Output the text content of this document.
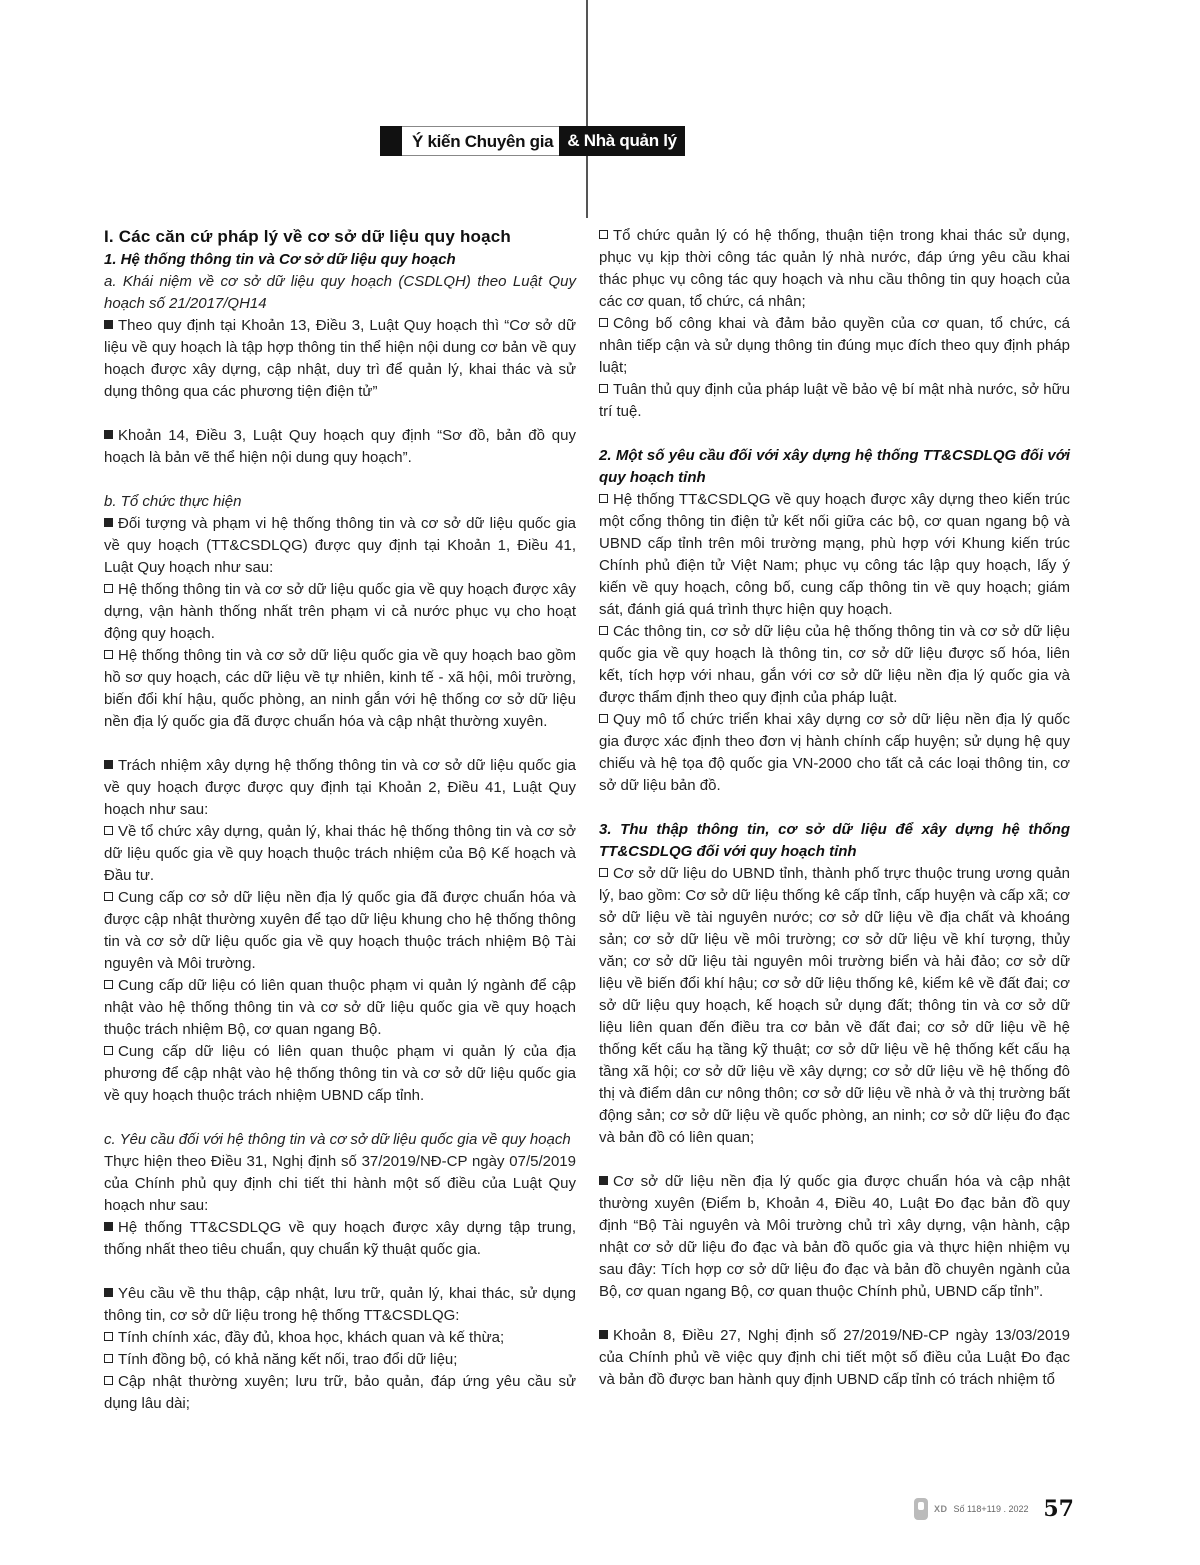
Ý kiến Chuyên gia & Nhà quản lý

I. Các căn cứ pháp lý về cơ sở dữ liệu quy hoạch

1. Hệ thống thông tin và Cơ sở dữ liệu quy hoạch

a. Khái niệm về cơ sở dữ liệu quy hoạch (CSDLQH) theo Luật Quy hoạch số 21/2017/QH14

Theo quy định tại Khoản 13, Điều 3, Luật Quy hoạch thì “Cơ sở dữ liệu về quy hoạch là tập hợp thông tin thể hiện nội dung cơ bản về quy hoạch được xây dựng, cập nhật, duy trì để quản lý, khai thác và sử dụng thông qua các phương tiện điện tử”

Khoản 14, Điều 3, Luật Quy hoạch quy định “Sơ đồ, bản đồ quy hoạch là bản vẽ thể hiện nội dung quy hoạch”.

b. Tổ chức thực hiện

Đối tượng và phạm vi hệ thống thông tin và cơ sở dữ liệu quốc gia về quy hoạch (TT&CSDLQG) được quy định tại Khoản 1, Điều 41, Luật Quy hoạch như sau:

Hệ thống thông tin và cơ sở dữ liệu quốc gia về quy hoạch được xây dựng, vận hành thống nhất trên phạm vi cả nước phục vụ cho hoạt động quy hoạch.

Hệ thống thông tin và cơ sở dữ liệu quốc gia về quy hoạch bao gồm hồ sơ quy hoạch, các dữ liệu về tự nhiên, kinh tế - xã hội, môi trường, biến đổi khí hậu, quốc phòng, an ninh gắn với hệ thống cơ sở dữ liệu nền địa lý quốc gia đã được chuẩn hóa và cập nhật thường xuyên.

Trách nhiệm xây dựng hệ thống thông tin và cơ sở dữ liệu quốc gia về quy hoạch được được quy định tại Khoản 2, Điều 41, Luật Quy hoạch như sau:

Về tổ chức xây dựng, quản lý, khai thác hệ thống thông tin và cơ sở dữ liệu quốc gia về quy hoạch thuộc trách nhiệm của Bộ Kế hoạch và Đầu tư.

Cung cấp cơ sở dữ liệu nền địa lý quốc gia đã được chuẩn hóa và được cập nhật thường xuyên để tạo dữ liệu khung cho hệ thống thông tin và cơ sở dữ liệu quốc gia về quy hoạch thuộc trách nhiệm Bộ Tài nguyên và Môi trường.

Cung cấp dữ liệu có liên quan thuộc phạm vi quản lý ngành để cập nhật vào hệ thống thông tin và cơ sở dữ liệu quốc gia về quy hoạch thuộc trách nhiệm Bộ, cơ quan ngang Bộ.

Cung cấp dữ liệu có liên quan thuộc phạm vi quản lý của địa phương để cập nhật vào hệ thống thông tin và cơ sở dữ liệu quốc gia về quy hoạch thuộc trách nhiệm UBND cấp tỉnh.

c. Yêu cầu đối với hệ thông tin và cơ sở dữ liệu quốc gia về quy hoạch

Thực hiện theo Điều 31, Nghị định số 37/2019/NĐ-CP ngày 07/5/2019 của Chính phủ quy định chi tiết thi hành một số điều của Luật Quy hoạch như sau:

Hệ thống TT&CSDLQG về quy hoạch được xây dựng tập trung, thống nhất theo tiêu chuẩn, quy chuẩn kỹ thuật quốc gia.

Yêu cầu về thu thập, cập nhật, lưu trữ, quản lý, khai thác, sử dụng thông tin, cơ sở dữ liệu trong hệ thống TT&CSDLQG:

Tính chính xác, đầy đủ, khoa học, khách quan và kế thừa;

Tính đồng bộ, có khả năng kết nối, trao đổi dữ liệu;

Cập nhật thường xuyên; lưu trữ, bảo quản, đáp ứng yêu cầu sử dụng lâu dài;

Tổ chức quản lý có hệ thống, thuận tiện trong khai thác sử dụng, phục vụ kịp thời công tác quản lý nhà nước, đáp ứng yêu cầu khai thác phục vụ công tác quy hoạch và nhu cầu thông tin quy hoạch của các cơ quan, tổ chức, cá nhân;

Công bố công khai và đảm bảo quyền của cơ quan, tổ chức, cá nhân tiếp cận và sử dụng thông tin đúng mục đích theo quy định pháp luật;

Tuân thủ quy định của pháp luật về bảo vệ bí mật nhà nước, sở hữu trí tuệ.

2. Một số yêu cầu đối với xây dựng hệ thống TT&CSDLQG đối với quy hoạch tỉnh

Hệ thống TT&CSDLQG về quy hoạch được xây dựng theo kiến trúc một cổng thông tin điện tử kết nối giữa các bộ, cơ quan ngang bộ và UBND cấp tỉnh trên môi trường mạng, phù hợp với Khung kiến trúc Chính phủ điện tử Việt Nam; phục vụ công tác lập quy hoạch, lấy ý kiến về quy hoạch, công bố, cung cấp thông tin về quy hoạch; giám sát, đánh giá quá trình thực hiện quy hoạch.

Các thông tin, cơ sở dữ liệu của hệ thống thông tin và cơ sở dữ liệu quốc gia về quy hoạch là thông tin, cơ sở dữ liệu được số hóa, liên kết, tích hợp với nhau, gắn với cơ sở dữ liệu nền địa lý quốc gia và được thẩm định theo quy định của pháp luật.

Quy mô tổ chức triển khai xây dựng cơ sở dữ liệu nền địa lý quốc gia được xác định theo đơn vị hành chính cấp huyện; sử dụng hệ quy chiếu và hệ tọa độ quốc gia VN-2000 cho tất cả các loại thông tin, cơ sở dữ liệu bản đồ.

3. Thu thập thông tin, cơ sở dữ liệu để xây dựng hệ thống TT&CSDLQG đối với quy hoạch tỉnh

Cơ sở dữ liệu do UBND tỉnh, thành phố trực thuộc trung ương quản lý, bao gồm: Cơ sở dữ liệu thống kê cấp tỉnh, cấp huyện và cấp xã; cơ sở dữ liệu về tài nguyên nước; cơ sở dữ liệu về địa chất và khoáng sản; cơ sở dữ liệu về môi trường; cơ sở dữ liệu về khí tượng, thủy văn; cơ sở dữ liệu tài nguyên môi trường biển và hải đảo; cơ sở dữ liệu về biến đổi khí hậu; cơ sở dữ liệu thống kê, kiểm kê về đất đai; cơ sở dữ liệu quy hoạch, kế hoạch sử dụng đất; thông tin và cơ sở dữ liệu liên quan đến điều tra cơ bản về đất đai; cơ sở dữ liệu về hệ thống kết cấu hạ tầng kỹ thuật; cơ sở dữ liệu về hệ thống kết cấu hạ tầng xã hội; cơ sở dữ liệu về xây dựng; cơ sở dữ liệu về hệ thống đô thị và điểm dân cư nông thôn; cơ sở dữ liệu về nhà ở và thị trường bất động sản; cơ sở dữ liệu về quốc phòng, an ninh; cơ sở dữ liệu đo đạc và bản đồ có liên quan;

Cơ sở dữ liệu nền địa lý quốc gia được chuẩn hóa và cập nhật thường xuyên (Điểm b, Khoản 4, Điều 40, Luật Đo đạc bản đồ quy định “Bộ Tài nguyên và Môi trường chủ trì xây dựng, vận hành, cập nhật cơ sở dữ liệu đo đạc và bản đồ quốc gia và thực hiện nhiệm vụ sau đây: Tích hợp cơ sở dữ liệu đo đạc và bản đồ chuyên ngành của Bộ, cơ quan ngang Bộ, cơ quan thuộc Chính phủ, UBND cấp tỉnh”.

Khoản 8, Điều 27, Nghị định số 27/2019/NĐ-CP ngày 13/03/2019 của Chính phủ về việc quy định chi tiết một số điều của Luật Đo đạc và bản đồ được ban hành quy định UBND cấp tỉnh có trách nhiệm tổ

XD Số 118+119 . 2022 57
